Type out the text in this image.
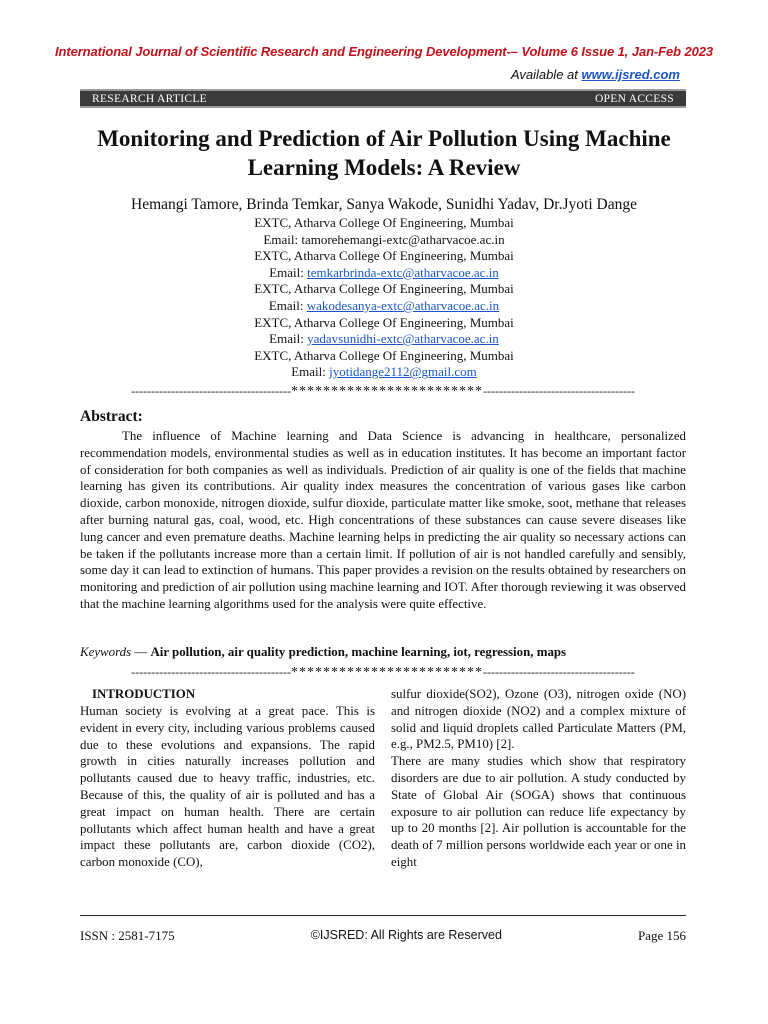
International Journal of Scientific Research and Engineering Development-– Volume 6 Issue 1, Jan-Feb 2023
Available at www.ijsred.com
RESEARCH ARTICLE	OPEN ACCESS
Monitoring and Prediction of Air Pollution Using Machine Learning Models: A Review
Hemangi Tamore, Brinda Temkar, Sanya Wakode, Sunidhi Yadav, Dr.Jyoti Dange
EXTC, Atharva College Of Engineering, Mumbai
Email: tamorehemangi-extc@atharvacoe.ac.in
EXTC, Atharva College Of Engineering, Mumbai
Email: temkarbrinda-extc@atharvacoe.ac.in
EXTC, Atharva College Of Engineering, Mumbai
Email: wakodesanya-extc@atharvacoe.ac.in
EXTC, Atharva College Of Engineering, Mumbai
Email: yadavsunidhi-extc@atharvacoe.ac.in
EXTC, Atharva College Of Engineering, Mumbai
Email: jyotidange2112@gmail.com
----------------------------------------************************--------------------------------------
Abstract:
The influence of Machine learning and Data Science is advancing in healthcare, personalized recommendation models, environmental studies as well as in education institutes. It has become an important factor of consideration for both companies as well as individuals. Prediction of air quality is one of the fields that machine learning has given its contributions. Air quality index measures the concentration of various gases like carbon dioxide, carbon monoxide, nitrogen dioxide, sulfur dioxide, particulate matter like smoke, soot, methane that releases after burning natural gas, coal, wood, etc. High concentrations of these substances can cause severe diseases like lung cancer and even premature deaths. Machine learning helps in predicting the air quality so necessary actions can be taken if the pollutants increase more than a certain limit. If pollution of air is not handled carefully and sensibly, some day it can lead to extinction of humans. This paper provides a revision on the results obtained by researchers on monitoring and prediction of air pollution using machine learning and IOT. After thorough reviewing it was observed that the machine learning algorithms used for the analysis were quite effective.
Keywords — Air pollution, air quality prediction, machine learning, iot, regression, maps
----------------------------------------************************--------------------------------------
INTRODUCTION
Human society is evolving at a great pace. This is evident in every city, including various problems caused due to these evolutions and expansions. The rapid growth in cities naturally increases pollution and pollutants caused due to heavy traffic, industries, etc. Because of this, the quality of air is polluted and has a great impact on human health. There are certain pollutants which affect human health and have a great impact these pollutants are, carbon dioxide (CO2), carbon monoxide (CO),
sulfur dioxide(SO2), Ozone (O3), nitrogen oxide (NO) and nitrogen dioxide (NO2) and a complex mixture of solid and liquid droplets called Particulate Matters (PM, e.g., PM2.5, PM10) [2].
There are many studies which show that respiratory disorders are due to air pollution. A study conducted by State of Global Air (SOGA) shows that continuous exposure to air pollution can reduce life expectancy by up to 20 months [2]. Air pollution is accountable for the death of 7 million persons worldwide each year or one in eight
ISSN : 2581-7175	©IJSRED: All Rights are Reserved	Page 156
